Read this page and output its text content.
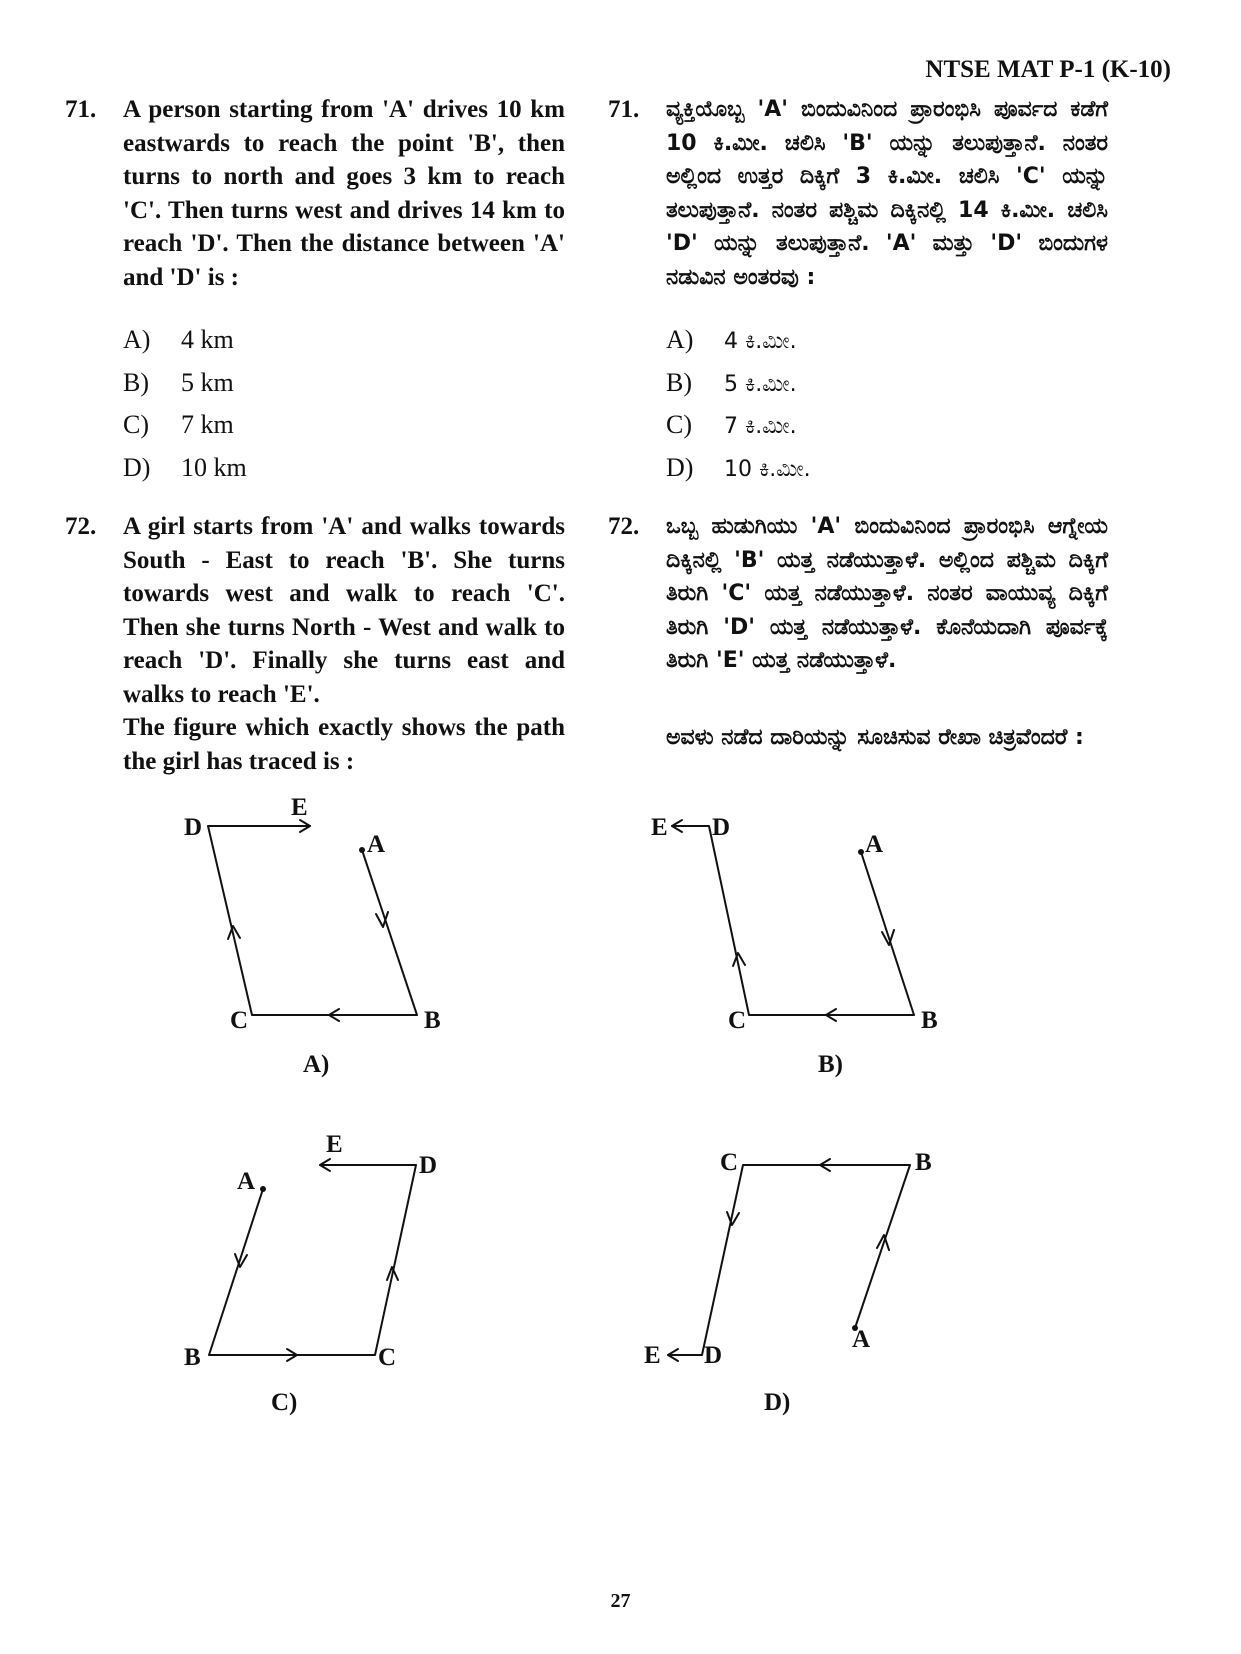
NTSE MAT P-1 (K-10)
71. A person starting from 'A' drives 10 km eastwards to reach the point 'B', then turns to north and goes 3 km to reach 'C'. Then turns west and drives 14 km to reach 'D'. Then the distance between 'A' and 'D' is :
A) 4 km
B) 5 km
C) 7 km
D) 10 km
71. ವ್ಯಕ್ತಿಯೊಬ್ಬ 'A' ಬಿಂದುವಿನಿಂದ ಪ್ರಾರಂಭಿಸಿ ಪೂರ್ವದ ಕಡೆಗೆ 10 ಕಿ.ಮೀ. ಚಲಿಸಿ 'B' ಯನ್ನು ತಲುಪುತ್ತಾನೆ. ನಂತರ ಅಲ್ಲಿಂದ ಉತ್ತರ ದಿಕ್ಕಿಗೆ 3 ಕಿ.ಮೀ. ಚಲಿಸಿ 'C' ಯನ್ನು ತಲುಪುತ್ತಾನೆ. ನಂತರ ಪಶ್ಚಿಮ ದಿಕ್ಕಿನಲ್ಲಿ 14 ಕಿ.ಮೀ. ಚಲಿಸಿ 'D' ಯನ್ನು ತಲುಪುತ್ತಾನೆ. 'A' ಮತ್ತು 'D' ಬಿಂದುಗಳ ನಡುವಿನ ಅಂತರವು :
A) 4 ಕಿ.ಮೀ.
B) 5 ಕಿ.ಮೀ.
C) 7 ಕಿ.ಮೀ.
D) 10 ಕಿ.ಮೀ.
72. A girl starts from 'A' and walks towards South - East to reach 'B'. She turns towards west and walk to reach 'C'. Then she turns North - West and walk to reach 'D'. Finally she turns east and walks to reach 'E'.
The figure which exactly shows the path the girl has traced is :
72. ಒಬ್ಬ ಹುಡುಗಿಯು 'A' ಬಿಂದುವಿನಿಂದ ಪ್ರಾರಂಭಿಸಿ ಆಗ್ನೇಯ ದಿಕ್ಕಿನಲ್ಲಿ 'B' ಯತ್ತ ನಡೆಯುತ್ತಾಳೆ. ಅಲ್ಲಿಂದ ಪಶ್ಚಿಮ ದಿಕ್ಕಿಗೆ ತಿರುಗಿ 'C' ಯತ್ತ ನಡೆಯುತ್ತಾಳೆ. ನಂತರ ವಾಯುವ್ಯ ದಿಕ್ಕಿಗೆ ತಿರುಗಿ 'D' ಯತ್ತ ನಡೆಯುತ್ತಾಳೆ. ಕೊನೆಯದಾಗಿ ಪೂರ್ವಕ್ಕೆ ತಿರುಗಿ 'E' ಯತ್ತ ನಡೆಯುತ್ತಾಳೆ.
ಅವಳು ನಡೆದ ದಾರಿಯನ್ನು ಸೂಚಿಸುವ ರೇಖಾ ಚಿತ್ರವೆಂದರೆ :
D
E
A
C	B
A)
E D
A
C	B
B)
E
D
A
B	C
C)
C	B
A
E D
D)
27
